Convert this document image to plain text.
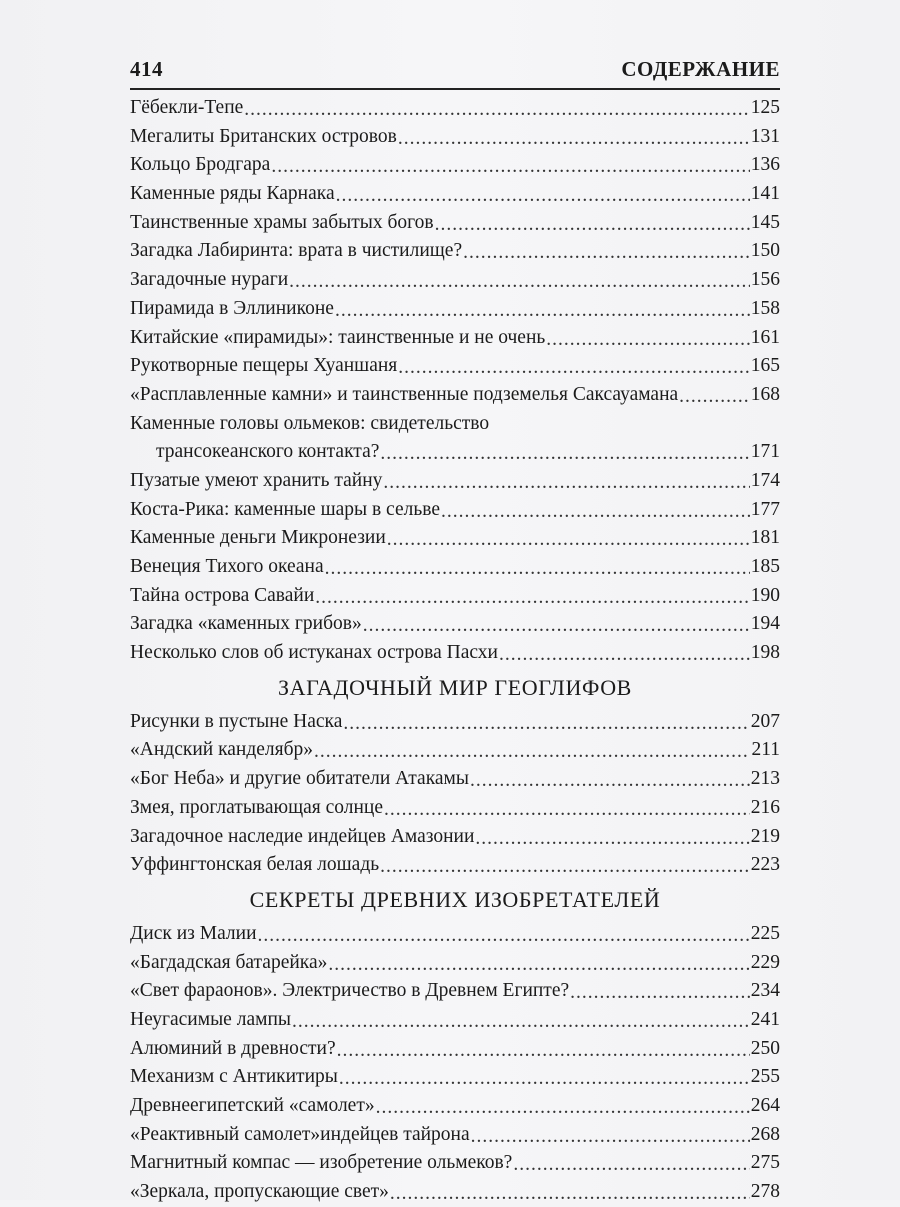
414	СОДЕРЖАНИЕ
Гёбекли-Тепе .....	125
Мегалиты Британских островов .....	131
Кольцо Бродгара .....	136
Каменные ряды Карнака .....	141
Таинственные храмы забытых богов .....	145
Загадка Лабиринта: врата в чистилище? .....	150
Загадочные нураги .....	156
Пирамида в Эллиниконе .....	158
Китайские «пирамиды»: таинственные и не очень .....	161
Рукотворные пещеры Хуаншаня .....	165
«Расплавленные камни» и таинственные подземелья Саксауамана .....	168
Каменные головы ольмеков: свидетельство
трансокеанского контакта? .....	171
Пузатые умеют хранить тайну .....	174
Коста-Рика: каменные шары в сельве .....	177
Каменные деньги Микронезии .....	181
Венеция Тихого океана .....	185
Тайна острова Савайи .....	190
Загадка «каменных грибов» .....	194
Несколько слов об истуканах острова Пасхи .....	198
ЗАГАДОЧНЫЙ МИР ГЕОГЛИФОВ
Рисунки в пустыне Наска .....	207
«Андский канделябр» .....	211
«Бог Неба» и другие обитатели Атакамы .....	213
Змея, проглатывающая солнце .....	216
Загадочное наследие индейцев Амазонии .....	219
Уффингтонская белая лошадь .....	223
СЕКРЕТЫ ДРЕВНИХ ИЗОБРЕТАТЕЛЕЙ
Диск из Малии .....	225
«Багдадская батарейка» .....	229
«Свет фараонов». Электричество в Древнем Египте? .....	234
Неугасимые лампы .....	241
Алюминий в древности? .....	250
Механизм с Антикитиры .....	255
Древнеегипетский «самолет» .....	264
«Реактивный самолет»индейцев тайрона .....	268
Магнитный компас — изобретение ольмеков? .....	275
«Зеркала, пропускающие свет» .....	278
